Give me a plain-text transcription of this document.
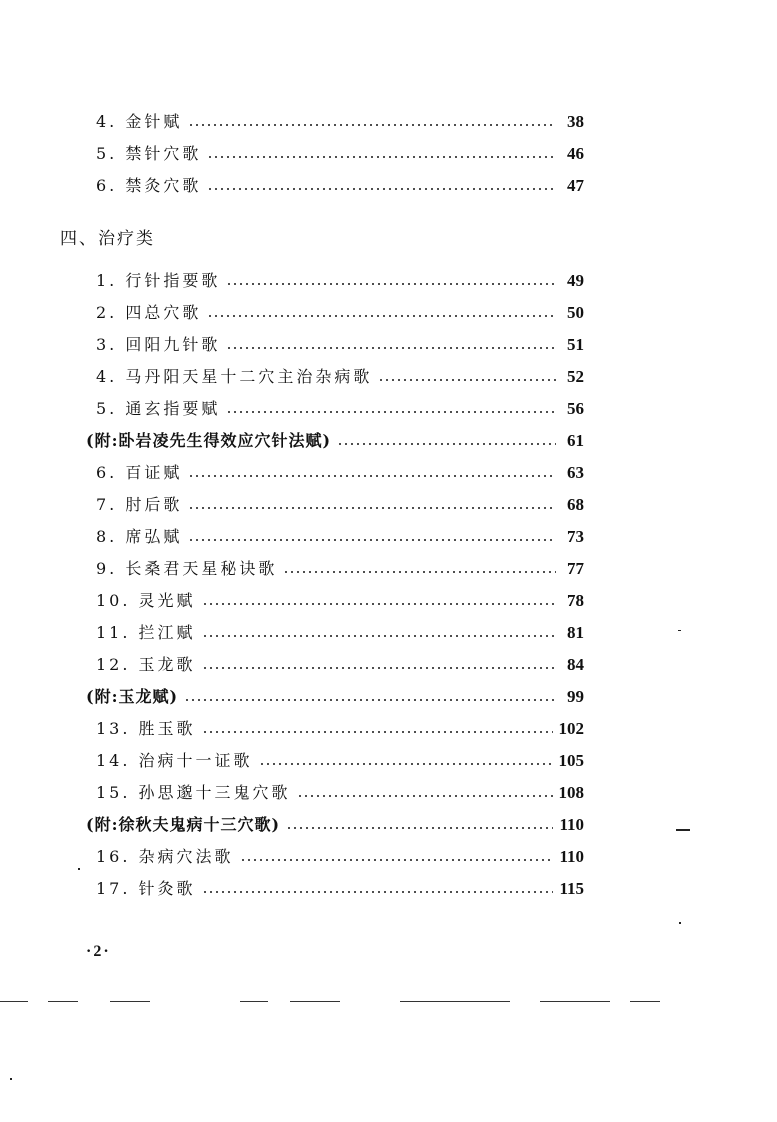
4. 金针赋	38
5. 禁针穴歌	46
6. 禁灸穴歌	47
四、治疗类
1. 行针指要歌	49
2. 四总穴歌	50
3. 回阳九针歌	51
4. 马丹阳天星十二穴主治杂病歌	52
5. 通玄指要赋	56
(附:卧岩凌先生得效应穴针法赋)	61
6. 百证赋	63
7. 肘后歌	68
8. 席弘赋	73
9. 长桑君天星秘诀歌	77
10. 灵光赋	78
11. 拦江赋	81
12. 玉龙歌	84
(附:玉龙赋)	99
13. 胜玉歌	102
14. 治病十一证歌	105
15. 孙思邈十三鬼穴歌	108
(附:徐秋夫鬼病十三穴歌)	110
16. 杂病穴法歌	110
17. 针灸歌	115
·2·
